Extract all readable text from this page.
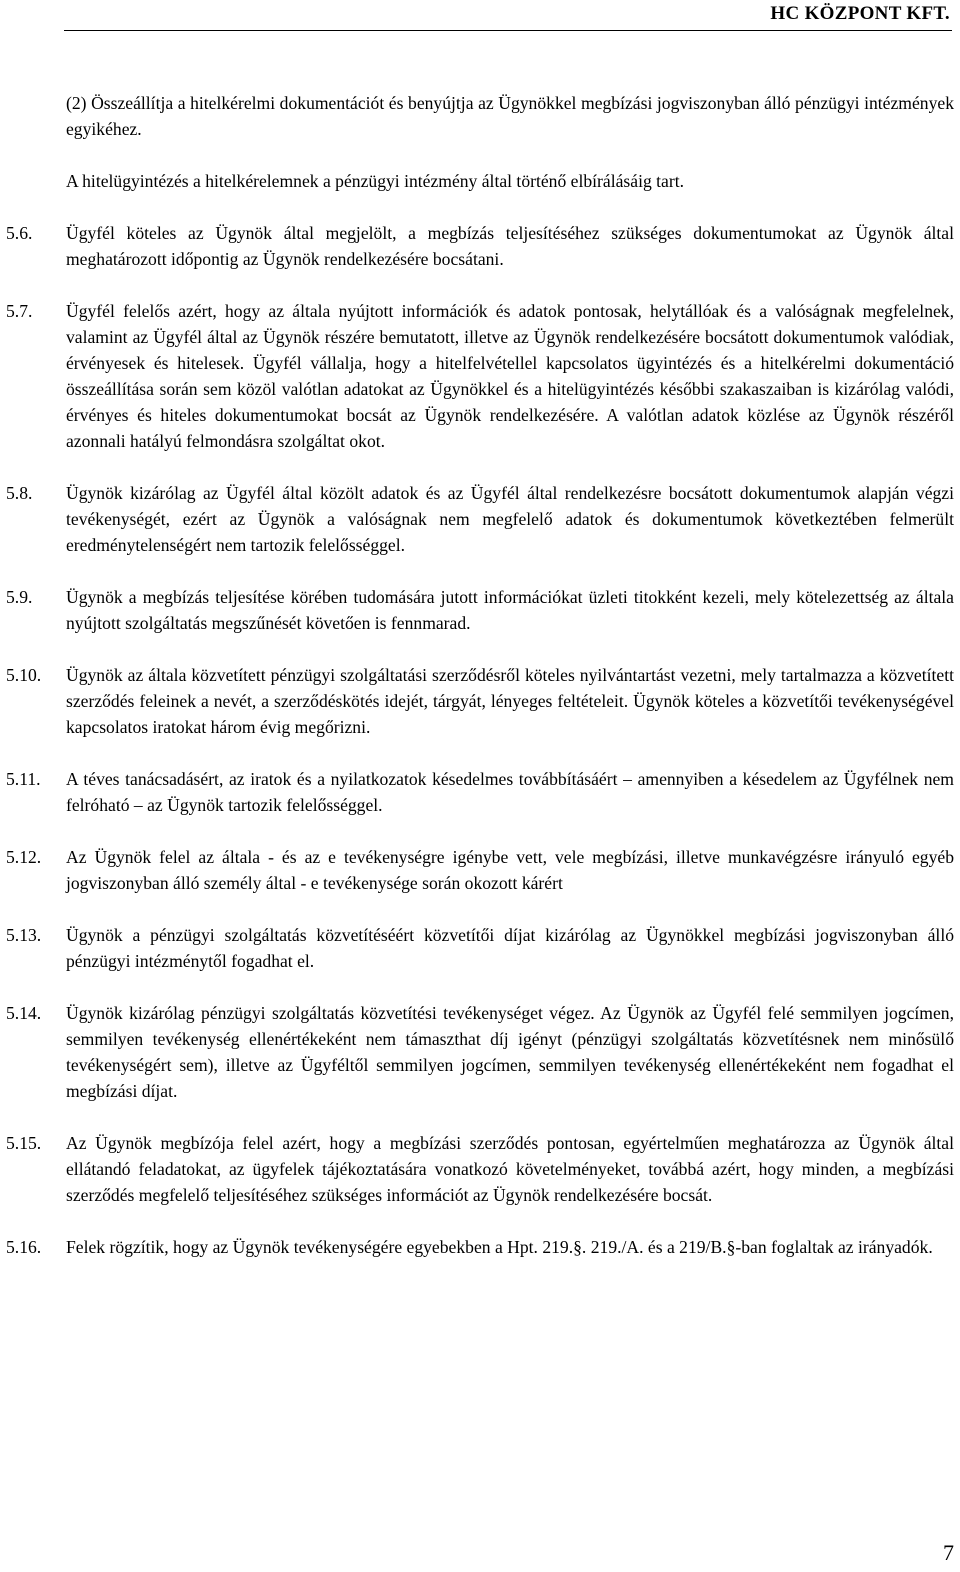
HC KÖZPONT KFT.

(2) Összeállítja a hitelkérelmi dokumentációt és benyújtja az Ügynökkel megbízási jogviszonyban álló pénzügyi intézmények egyikéhez.

A hitelügyintézés a hitelkérelemnek a pénzügyi intézmény által történő elbírálásáig tart.

5.6.	Ügyfél köteles az Ügynök által megjelölt, a megbízás teljesítéséhez szükséges dokumentumokat az Ügynök által meghatározott időpontig az Ügynök rendelkezésére bocsátani.
5.7.	Ügyfél felelős azért, hogy az általa nyújtott információk és adatok pontosak, helytállóak és a valóságnak megfelelnek, valamint az Ügyfél által az Ügynök részére bemutatott, illetve az Ügynök rendelkezésére bocsátott dokumentumok valódiak, érvényesek és hitelesek. Ügyfél vállalja, hogy a hitelfelvétellel kapcsolatos ügyintézés és a hitelkérelmi dokumentáció összeállítása során sem közöl valótlan adatokat az Ügynökkel és a hitelügyintézés későbbi szakaszaiban is kizárólag valódi, érvényes és hiteles dokumentumokat bocsát az Ügynök rendelkezésére. A valótlan adatok közlése az Ügynök részéről azonnali hatályú felmondásra szolgáltat okot.
5.8.	Ügynök kizárólag az Ügyfél által közölt adatok és az Ügyfél által rendelkezésre bocsátott dokumentumok alapján végzi tevékenységét, ezért az Ügynök a valóságnak nem megfelelő adatok és dokumentumok következtében felmerült eredménytelenségért nem tartozik felelősséggel.
5.9.	Ügynök a megbízás teljesítése körében tudomására jutott információkat üzleti titokként kezeli, mely kötelezettség az általa nyújtott szolgáltatás megszűnését követően is fennmarad.
5.10.	Ügynök az általa közvetített pénzügyi szolgáltatási szerződésről köteles nyilvántartást vezetni, mely tartalmazza a közvetített szerződés feleinek a nevét, a szerződéskötés idejét, tárgyát, lényeges feltételeit. Ügynök köteles a közvetítői tevékenységével kapcsolatos iratokat három évig megőrizni.
5.11.	A téves tanácsadásért, az iratok és a nyilatkozatok késedelmes továbbításáért – amennyiben a késedelem az Ügyfélnek nem felróható – az Ügynök tartozik felelősséggel.
5.12.	Az Ügynök felel az általa - és az e tevékenységre igénybe vett, vele megbízási, illetve munkavégzésre irányuló egyéb jogviszonyban álló személy által - e tevékenysége során okozott kárért
5.13.	Ügynök a pénzügyi szolgáltatás közvetítéséért közvetítői díjat kizárólag az Ügynökkel megbízási jogviszonyban álló pénzügyi intézménytől fogadhat el.
5.14.	Ügynök kizárólag pénzügyi szolgáltatás közvetítési tevékenységet végez. Az Ügynök az Ügyfél felé semmilyen jogcímen, semmilyen tevékenység ellenértékeként nem támaszthat díj igényt (pénzügyi szolgáltatás közvetítésnek nem minősülő tevékenységért sem), illetve az Ügyféltől semmilyen jogcímen, semmilyen tevékenység ellenértékeként nem fogadhat el megbízási díjat.
5.15.	Az Ügynök megbízója felel azért, hogy a megbízási szerződés pontosan, egyértelműen meghatározza az Ügynök által ellátandó feladatokat, az ügyfelek tájékoztatására vonatkozó követelményeket, továbbá azért, hogy minden, a megbízási szerződés megfelelő teljesítéséhez szükséges információt az Ügynök rendelkezésére bocsát.
5.16.	Felek rögzítik, hogy az Ügynök tevékenységére egyebekben a Hpt. 219.§. 219./A. és a 219/B.§-ban foglaltak az irányadók.
7
